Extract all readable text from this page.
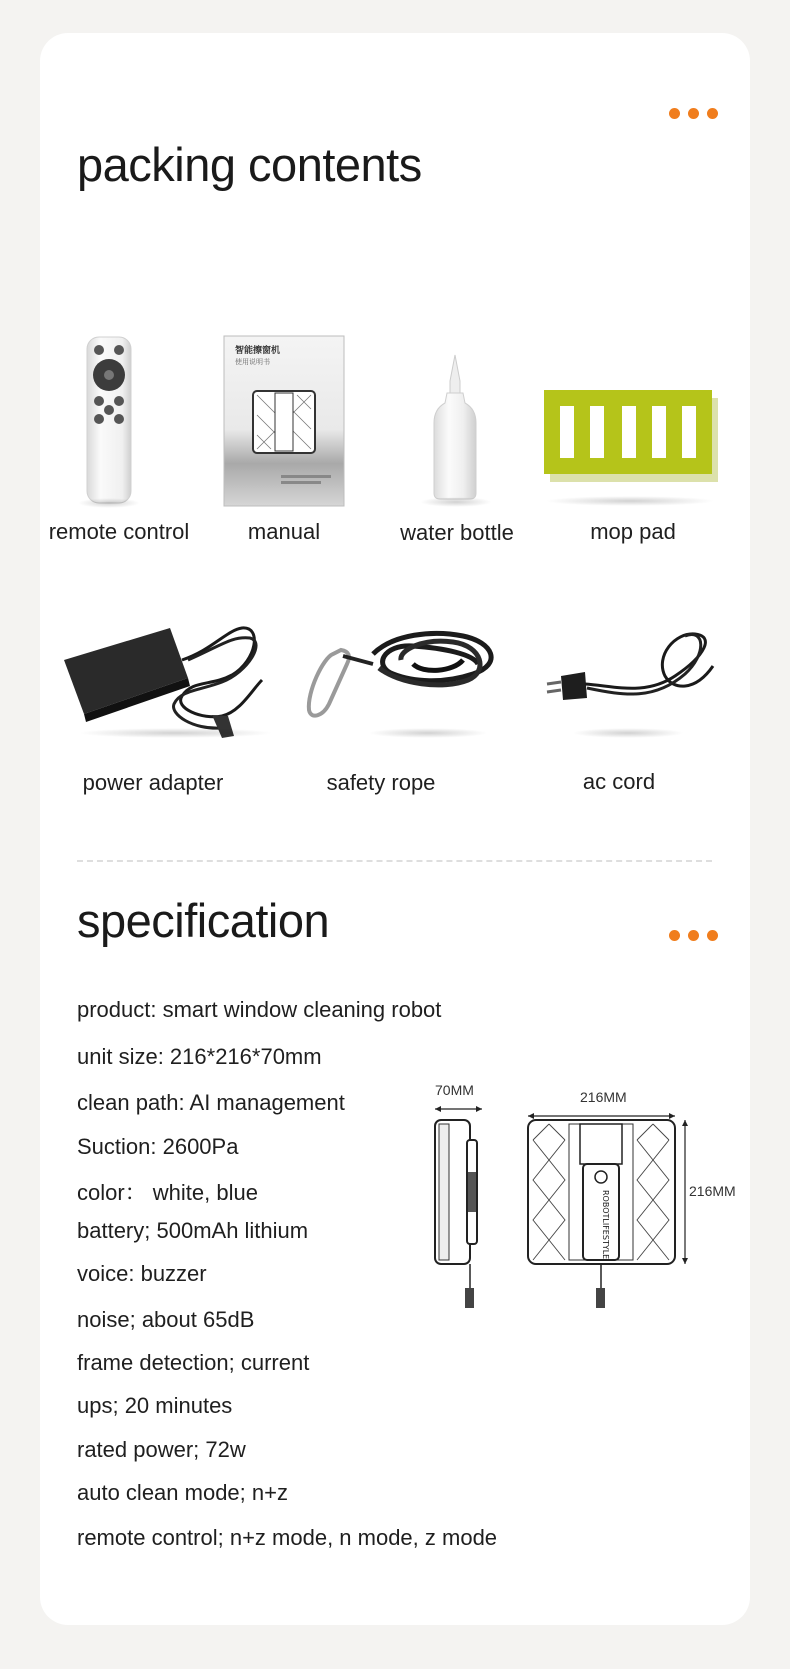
packing contents
智能擦窗机
使用说明书
remote control	manual	water bottle	mop pad
power adapter	safety rope	ac cord
specification
product: smart window cleaning robot
unit size: 216*216*70mm
clean path: AI management
Suction: 2600Pa
color： white, blue
battery; 500mAh lithium
voice: buzzer
noise; about 65dB
frame detection; current
ups; 20 minutes
rated power; 72w
auto clean mode; n+z
remote control; n+z mode, n mode, z mode
70MM	216MM
ROBOTLIFESTYLE	216MM
